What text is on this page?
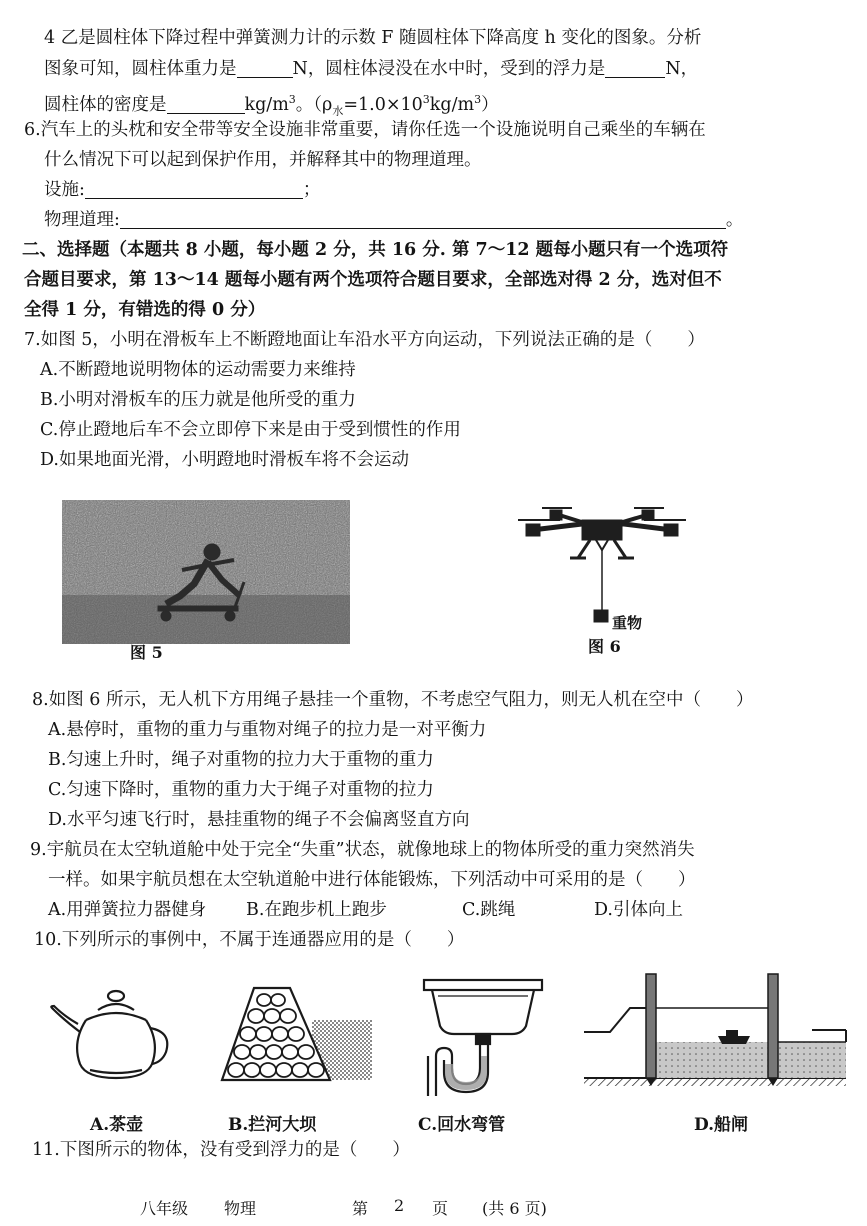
4 乙是圆柱体下降过程中弹簧测力计的示数 F 随圆柱体下降高度 h 变化的图象。分析
图象可知，圆柱体重力是	N，圆柱体浸没在水中时，受到的浮力是	N，
圆柱体的密度是	$kg/m^3$。$(\rho_水=1.0\times 10^3kg/m^3)$
6.汽车上的头枕和安全带等安全设施非常重要，请你任选一个设施说明自己乘坐的车辆在
什么情况下可以起到保护作用，并解释其中的物理道理。
设施:	；
物理道理:	。
二、选择题（本题共 8 小题，每小题 2 分，共 16 分. 第 7～12 题每小题只有一个选项符
合题目要求，第 13～14 题每小题有两个选项符合题目要求，全部选对得 2 分，选对但不
全得 1 分，有错选的得 0 分）
7.如图 5，小明在滑板车上不断蹬地面让车沿水平方向运动，下列说法正确的是（　　）
A.不断蹬地说明物体的运动需要力来维持
B.小明对滑板车的压力就是他所受的重力
C.停止蹬地后车不会立即停下来是由于受到惯性的作用
D.如果地面光滑，小明蹬地时滑板车将不会运动
图 5
重物
图 6
8.如图 6 所示，无人机下方用绳子悬挂一个重物，不考虑空气阻力，则无人机在空中（　　）
A.悬停时，重物的重力与重物对绳子的拉力是一对平衡力
B.匀速上升时，绳子对重物的拉力大于重物的重力
C.匀速下降时，重物的重力大于绳子对重物的拉力
D.水平匀速飞行时，悬挂重物的绳子不会偏离竖直方向
9.宇航员在太空轨道舱中处于完全“失重”状态，就像地球上的物体所受的重力突然消失
一样。如果宇航员想在太空轨道舱中进行体能锻炼，下列活动中可采用的是（　　）
A.用弹簧拉力器健身 B.在跑步机上跑步	C.跳绳	D.引体向上
10.下列所示的事例中，不属于连通器应用的是（　　）
A.茶壶	B.拦河大坝	C.回水弯管	D.船闸
11.下图所示的物体，没有受到浮力的是（　　）
八年级 物理	第 2 页 (共 6 页)
